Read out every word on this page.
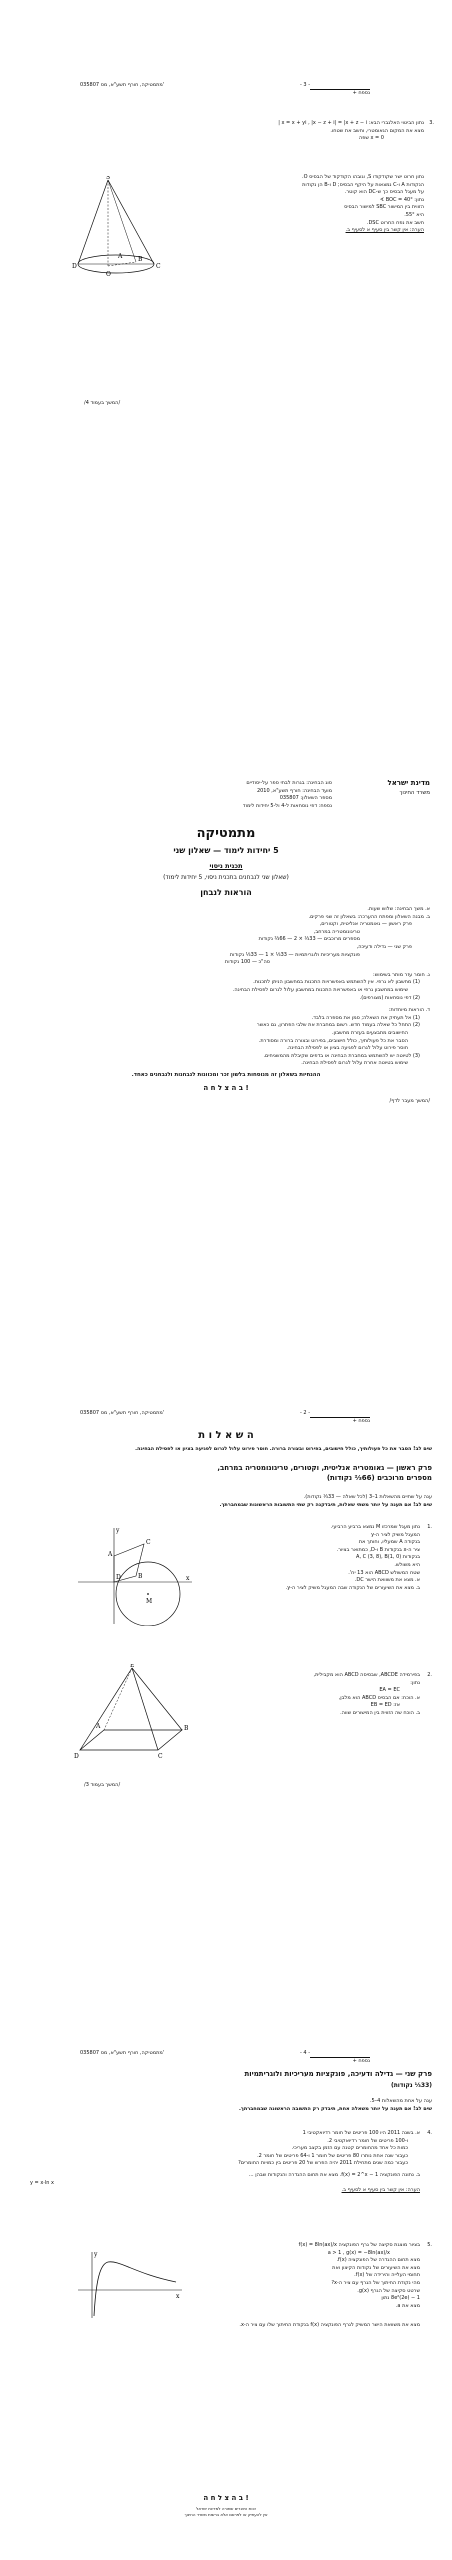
035807 מתמטיקה, חורף תשע"א, מס'	- 3 -
+ נספח
3.

נתון הביטוי האלגברי הבא: ‎ x = x + yi , |x − z + i| = |x + z − i|

מצא את המקום הגאומטרי, וחשב את שטחו.

x = 0 שפה

נתון חרוט ישר שקודקודו S, וגובהו הקודקוד של הבסיס O.

הנקודות A ו-C נמצאות על היקף הבסיס; D ו-B הן נקודות

על מעגל הבסיס כך ש-DC הוא קוטר.

נתון: ‎ BOC = 40°∢

הזווית בין המישור SBC למישור הבסיס

היא ‎55°.

חשב את נפח החרוט DSC.

הערה: אין קשר בין סעיף א לסעיף ב.

S
A	B
C
D
O
/המשך בעמוד 4/
מדינת ישראל
משרד החינוך

סוג הבחינה: בגרות לבתי ספר על-יסודיים

מועד הבחינה: חורף תשע"א, 2010

מספר השאלון: 035807

נספח: דפי נוסחאות ל-4 ול-5 יחידות לימוד

מתמטיקה
5 יחידות לימוד — שאלון שני
תכנית ניסוי
(שאלון שני לנבחנים בתכנית ניסוי, 5 יחידות לימוד)
הוראות לנבחן

א. משך הבחינה: שלוש שעות.

ב. מבנה השאלון ומפתח ההערכה: בשאלון זה שני פרקים.

פרק ראשון — גאומטריה אנליטית, וקטורים,

טריגונומטריה במרחב,

מספרים מרוכבים — 33⅓ × 2 — 66⅔ נקודות

פרק שני — גדילה ודעיכה,

פונקציות מעריכיות ולוגריתמיות — 33⅓ × 1 — 33⅓ נקודות

סה"כ — 100 נקודות

ג. חומר עזר מותר בשימוש:

(1) מחשבון לא גרפי. אין להשתמש באפשרויות התכנות במחשבון הניתן לתכנות.

שימוש במחשבון גרפי או באפשרויות התכנות במחשבון עלול לגרום לפסילת הבחינה.

(2) דפי נוסחאות (מצורפים).

ד. הוראות מיוחדות:

(1) אל תעתיק את השאלה; סמן את מספרה בלבד.

(2) התחל כל שאלה בעמוד חדש. רשום במחברת את שלבי הפתרון, גם כאשר

החישובים מתבצעים בעזרת מחשבון.

הסבר את כל פעולותיך, כולל חישובים, בפירוט ובצורה ברורה ומסודרת.

חוסר פירוט עלול לגרום לפגיעה בציון או לפסילת הבחינה.

(3) לטיוטה יש להשתמש במחברת הבחינה או בדפים שקיבלת מהמשגיחים.

שימוש בטיוטה אחרת עלול לגרום לפסילת הבחינה.

ההנחיות בשאלון זה מנוסחות בלשון זכר ומכוונות לנבחנות ולנבחנים כאחד.
ב ה צ ל ח ה !
/המשך מעבר לדף/
035807 מתמטיקה, חורף תשע"א, מס'	- 2 -
+ נספח
ה ש א ל ו ת
שים לב! הסבר את כל פעולותיך, כולל חישובים, בפירוט ובצורה ברורה. חוסר פירוט עלול לגרום לפגיעה בציון או לפסילת הבחינה.
פרק ראשון — גאומטריה אנליטית, וקטורים, טריגונומטריה במרחב,
מספרים מרוכבים (66⅔ נקודות)
ענה על שתיים מהשאלות 1–3 (לכל שאלה — 33⅓ נקודות).
שים לב! אם תענה על יותר משתי שאלות, תיבדקנה רק שתי התשובות הראשונות שבמחברתך.
1.

נתון מעגל שמרכזו M נמצא ברביע הרביעי.

המעגל משיק לציר ה-y

בנקודה A שמעליו, וחותך את

ציר ה-x בנקודות B ו-D, כמתואר בציור.

בנקודות A, C (3, 8), B(1, 0)

היא משולש.

שטח המשולש ABCD הוא 13 יח'.

א. מצא את משוואת הישר DC.

ב. מצא את השיעורים של הנקודה שבה המעגל משיק לציר ה-y.

C
A
B
D
M
y
x
2.

בפירמידה ABCDE, שבסיסה ABCD הוא מקבילית,

נתון:

EA = EC

א. הוכח: אם הבסיס ABCD הוא מלבן,

אז: EB = ED

ב. הוכח שה הזווית בין המישורים שווה.

E
A	B
C
D
/המשך בעמוד 3/
035807 מתמטיקה, חורף תשע"א, מס'	- 4 -
+ נספח
פרק שני — גדילה ודעיכה, פונקציות מעריכיות ולוגריתמיות
(33⅓ נקודות)
ענה על אחת מהשאלות 4–5.
שים לב! אם תענה על יותר משאלה אחת, תיבדק רק התשובה הראשונה שבמחברתך.
4.

א. בשנה 2011 היו 100 פריטים של חומר רדיואקטיבי 1

ו-100 פריטים של חומר רדיואקטיבי 2.

כמות כל אחד מהחומרים קטנה עם הזמן בקצב מעריכי.

כעבור שנה אחת נותרו 80 פריטים של חומר 1 ו-64 פריטים של חומר 2.

כעבור כמה שנים מתחילת 2011 יהיה הפרש של 20 פריטים בין כמויות החומרים?

ב. נתונה הפונקציה f(x) = 2^x − 1. מצא את תחום ההגדרה והנקודות שבהן ...

y = x·ln x

הערה: אין קשר בין סעיף א לסעיף ב.

5.

בציור מוצגת סקיצה של גרף הפונקציה f(x) = 8ln(ax)/x

a > 1 , g(x) = −8ln(ax)/x

מצא תחום ההגדרה של הפונקציה f(x).

מצא את השיעורים של נקודות הקיצון ואת

תחומי העלייה והירידה של f(x).

מהי נקודת החיתוך של הגרף עם ציר ה-x?

שרטט סקיצה של הגרף g(x).

8e²(2e) − 1 נתון

מצא את a.

מצא את משוואת הישר המשיק לגרף הפונקציה f(x) בנקודת החיתוך שלו עם ציר ה-x.
y
x
ב ה צ ל ח ה !
זכות היוצרים שמורה למדינת ישראל
אין להעתיק או לפרסם אלא ברשות משרד החינוך
